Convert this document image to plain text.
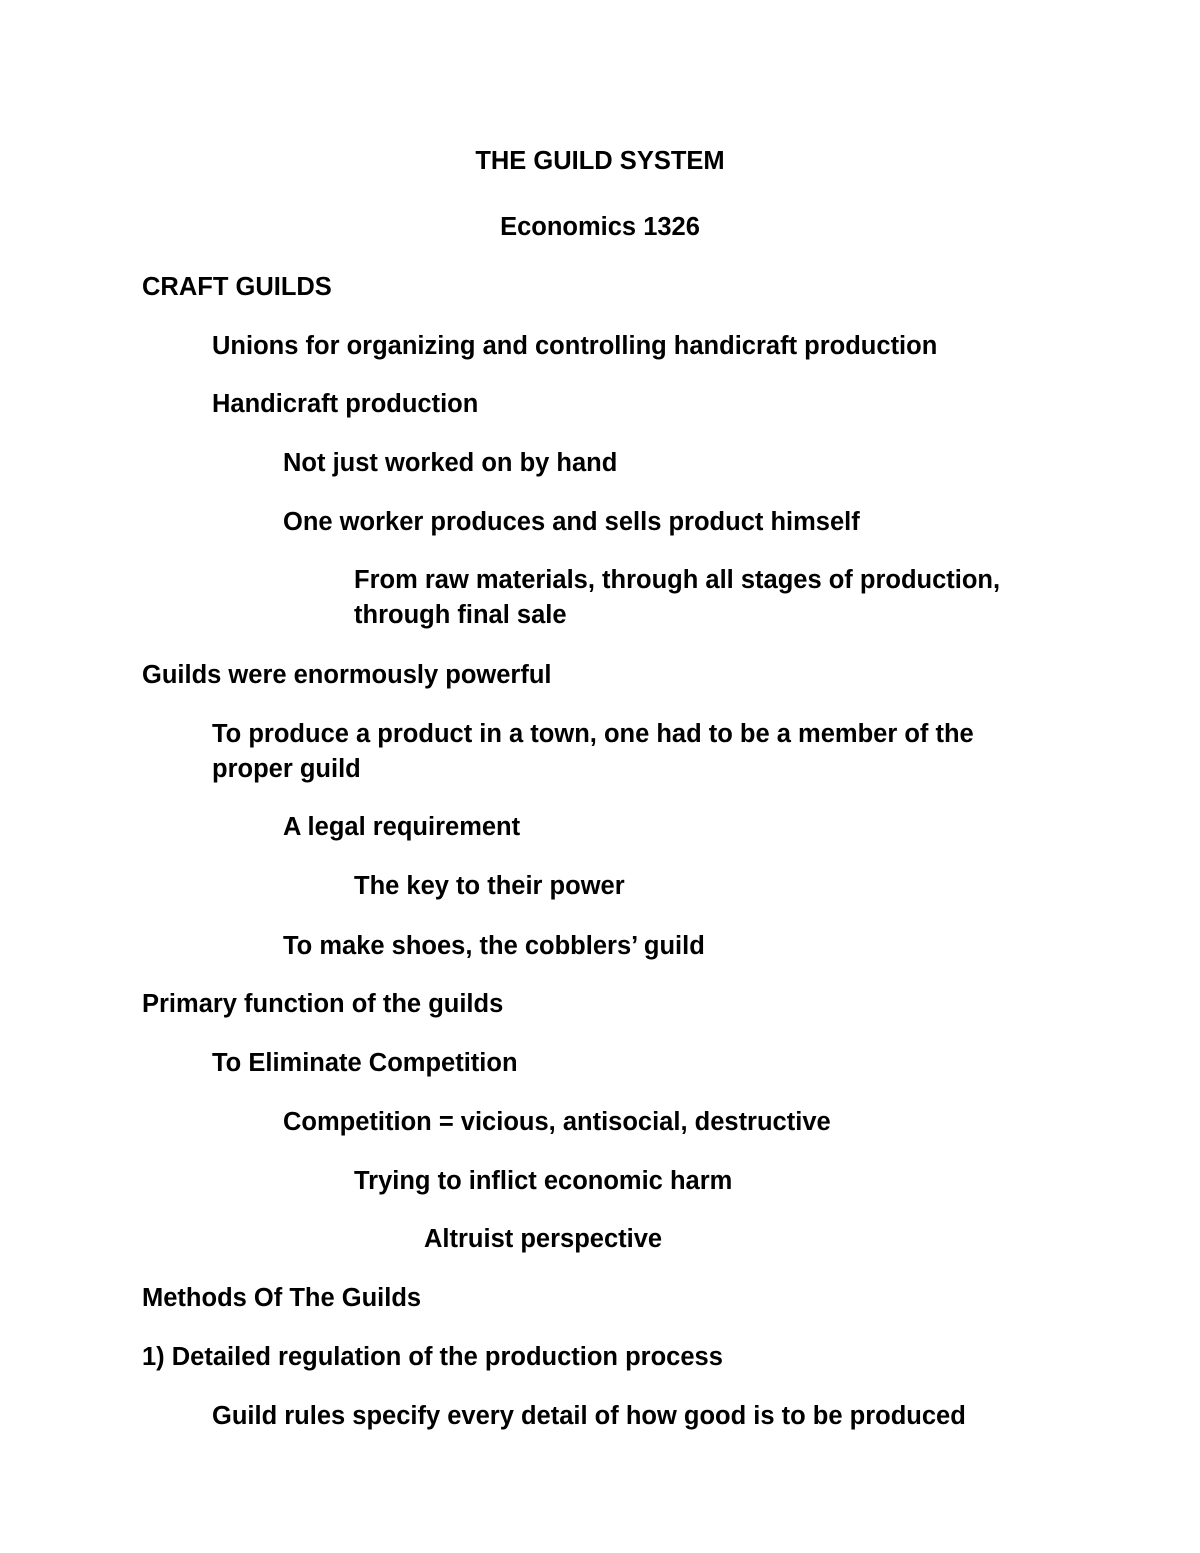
THE GUILD SYSTEM
Economics 1326
CRAFT GUILDS
Unions for organizing and controlling handicraft production
Handicraft production
Not just worked on by hand
One worker produces and sells product himself
From raw materials, through all stages of production,
through final sale
Guilds were enormously powerful
To produce a product in a town, one had to be a member of the
proper guild
A legal requirement
The key to their power
To make shoes, the cobblers’ guild
Primary function of the guilds
To Eliminate Competition
Competition = vicious, antisocial, destructive
Trying to inflict economic harm
Altruist perspective
Methods Of The Guilds
1) Detailed regulation of the production process
Guild rules specify every detail of how good is to be produced
